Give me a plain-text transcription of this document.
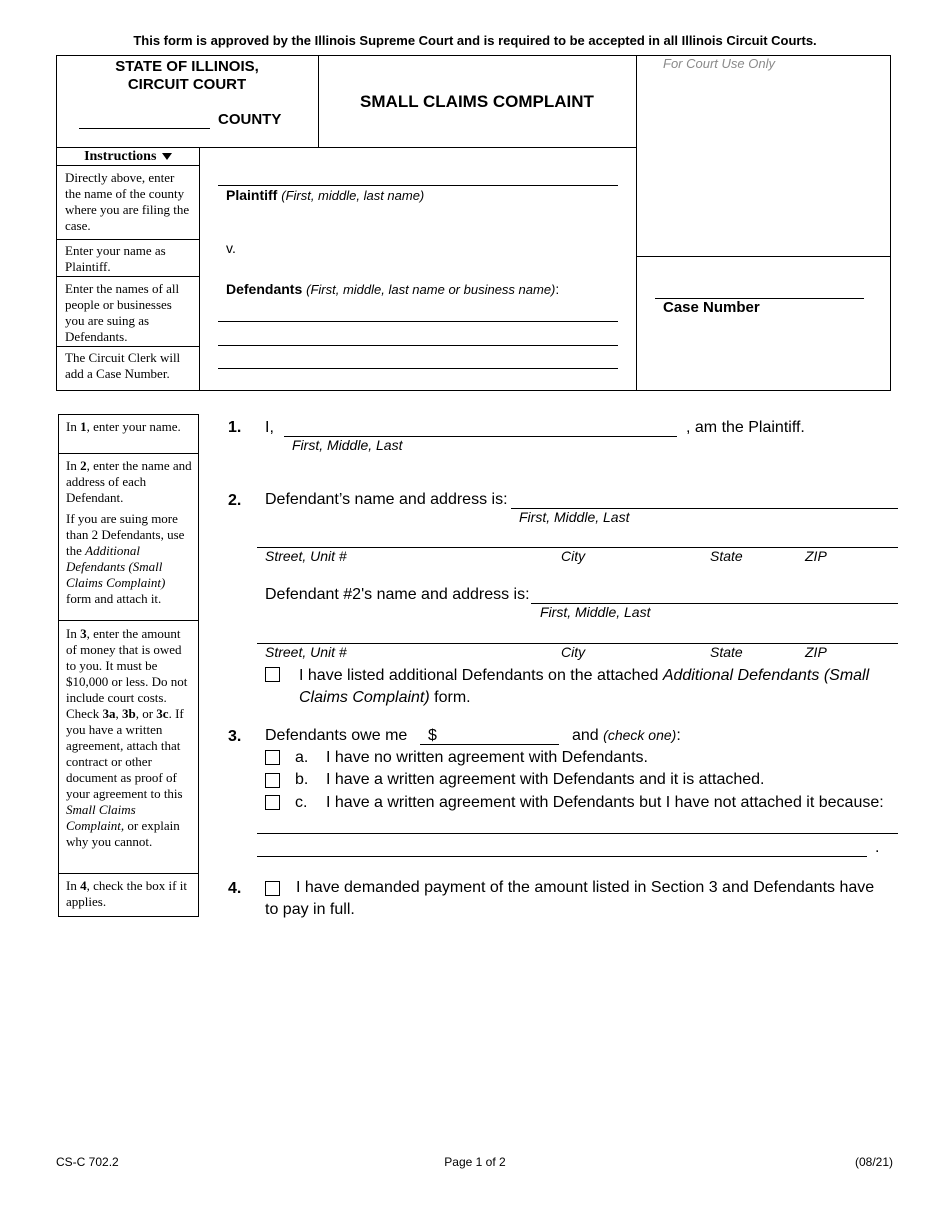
This form is approved by the Illinois Supreme Court and is required to be accepted in all Illinois Circuit Courts.
STATE OF ILLINOIS,
CIRCUIT COURT
COUNTY
SMALL CLAIMS COMPLAINT
For Court Use Only
Case Number
Instructions
Directly above, enter the name of the county where you are filing the case.
Enter your name as Plaintiff.
Enter the names of all people or businesses you are suing as Defendants.
The Circuit Clerk will add a Case Number.
Plaintiff (First, middle, last name)
v.
Defendants (First, middle, last name or business name):
In 1, enter your name.
In 2, enter the name and address of each Defendant.
If you are suing more than 2 Defendants, use the Additional Defendants (Small Claims Complaint) form and attach it.
In 3, enter the amount of money that is owed to you. It must be $10,000 or less. Do not include court costs. Check 3a, 3b, or 3c. If you have a written agreement, attach that contract or other document as proof of your agreement to this Small Claims Complaint, or explain why you cannot.
In 4, check the box if it applies.
1. I,	, am the Plaintiff.
First, Middle, Last
2. Defendant’s name and address is:
First, Middle, Last
Street, Unit #	City	State	ZIP
Defendant #2's name and address is:
First, Middle, Last
Street, Unit #	City	State	ZIP
I have listed additional Defendants on the attached Additional Defendants (Small
Claims Complaint) form.
3. Defendants owe me $	and (check one):
a. I have no written agreement with Defendants.
b. I have a written agreement with Defendants and it is attached.
c. I have a written agreement with Defendants but I have not attached it because:
.
4.	I have demanded payment of the amount listed in Section 3 and Defendants have
to pay in full.
CS-C 702.2	Page 1 of 2	(08/21)
